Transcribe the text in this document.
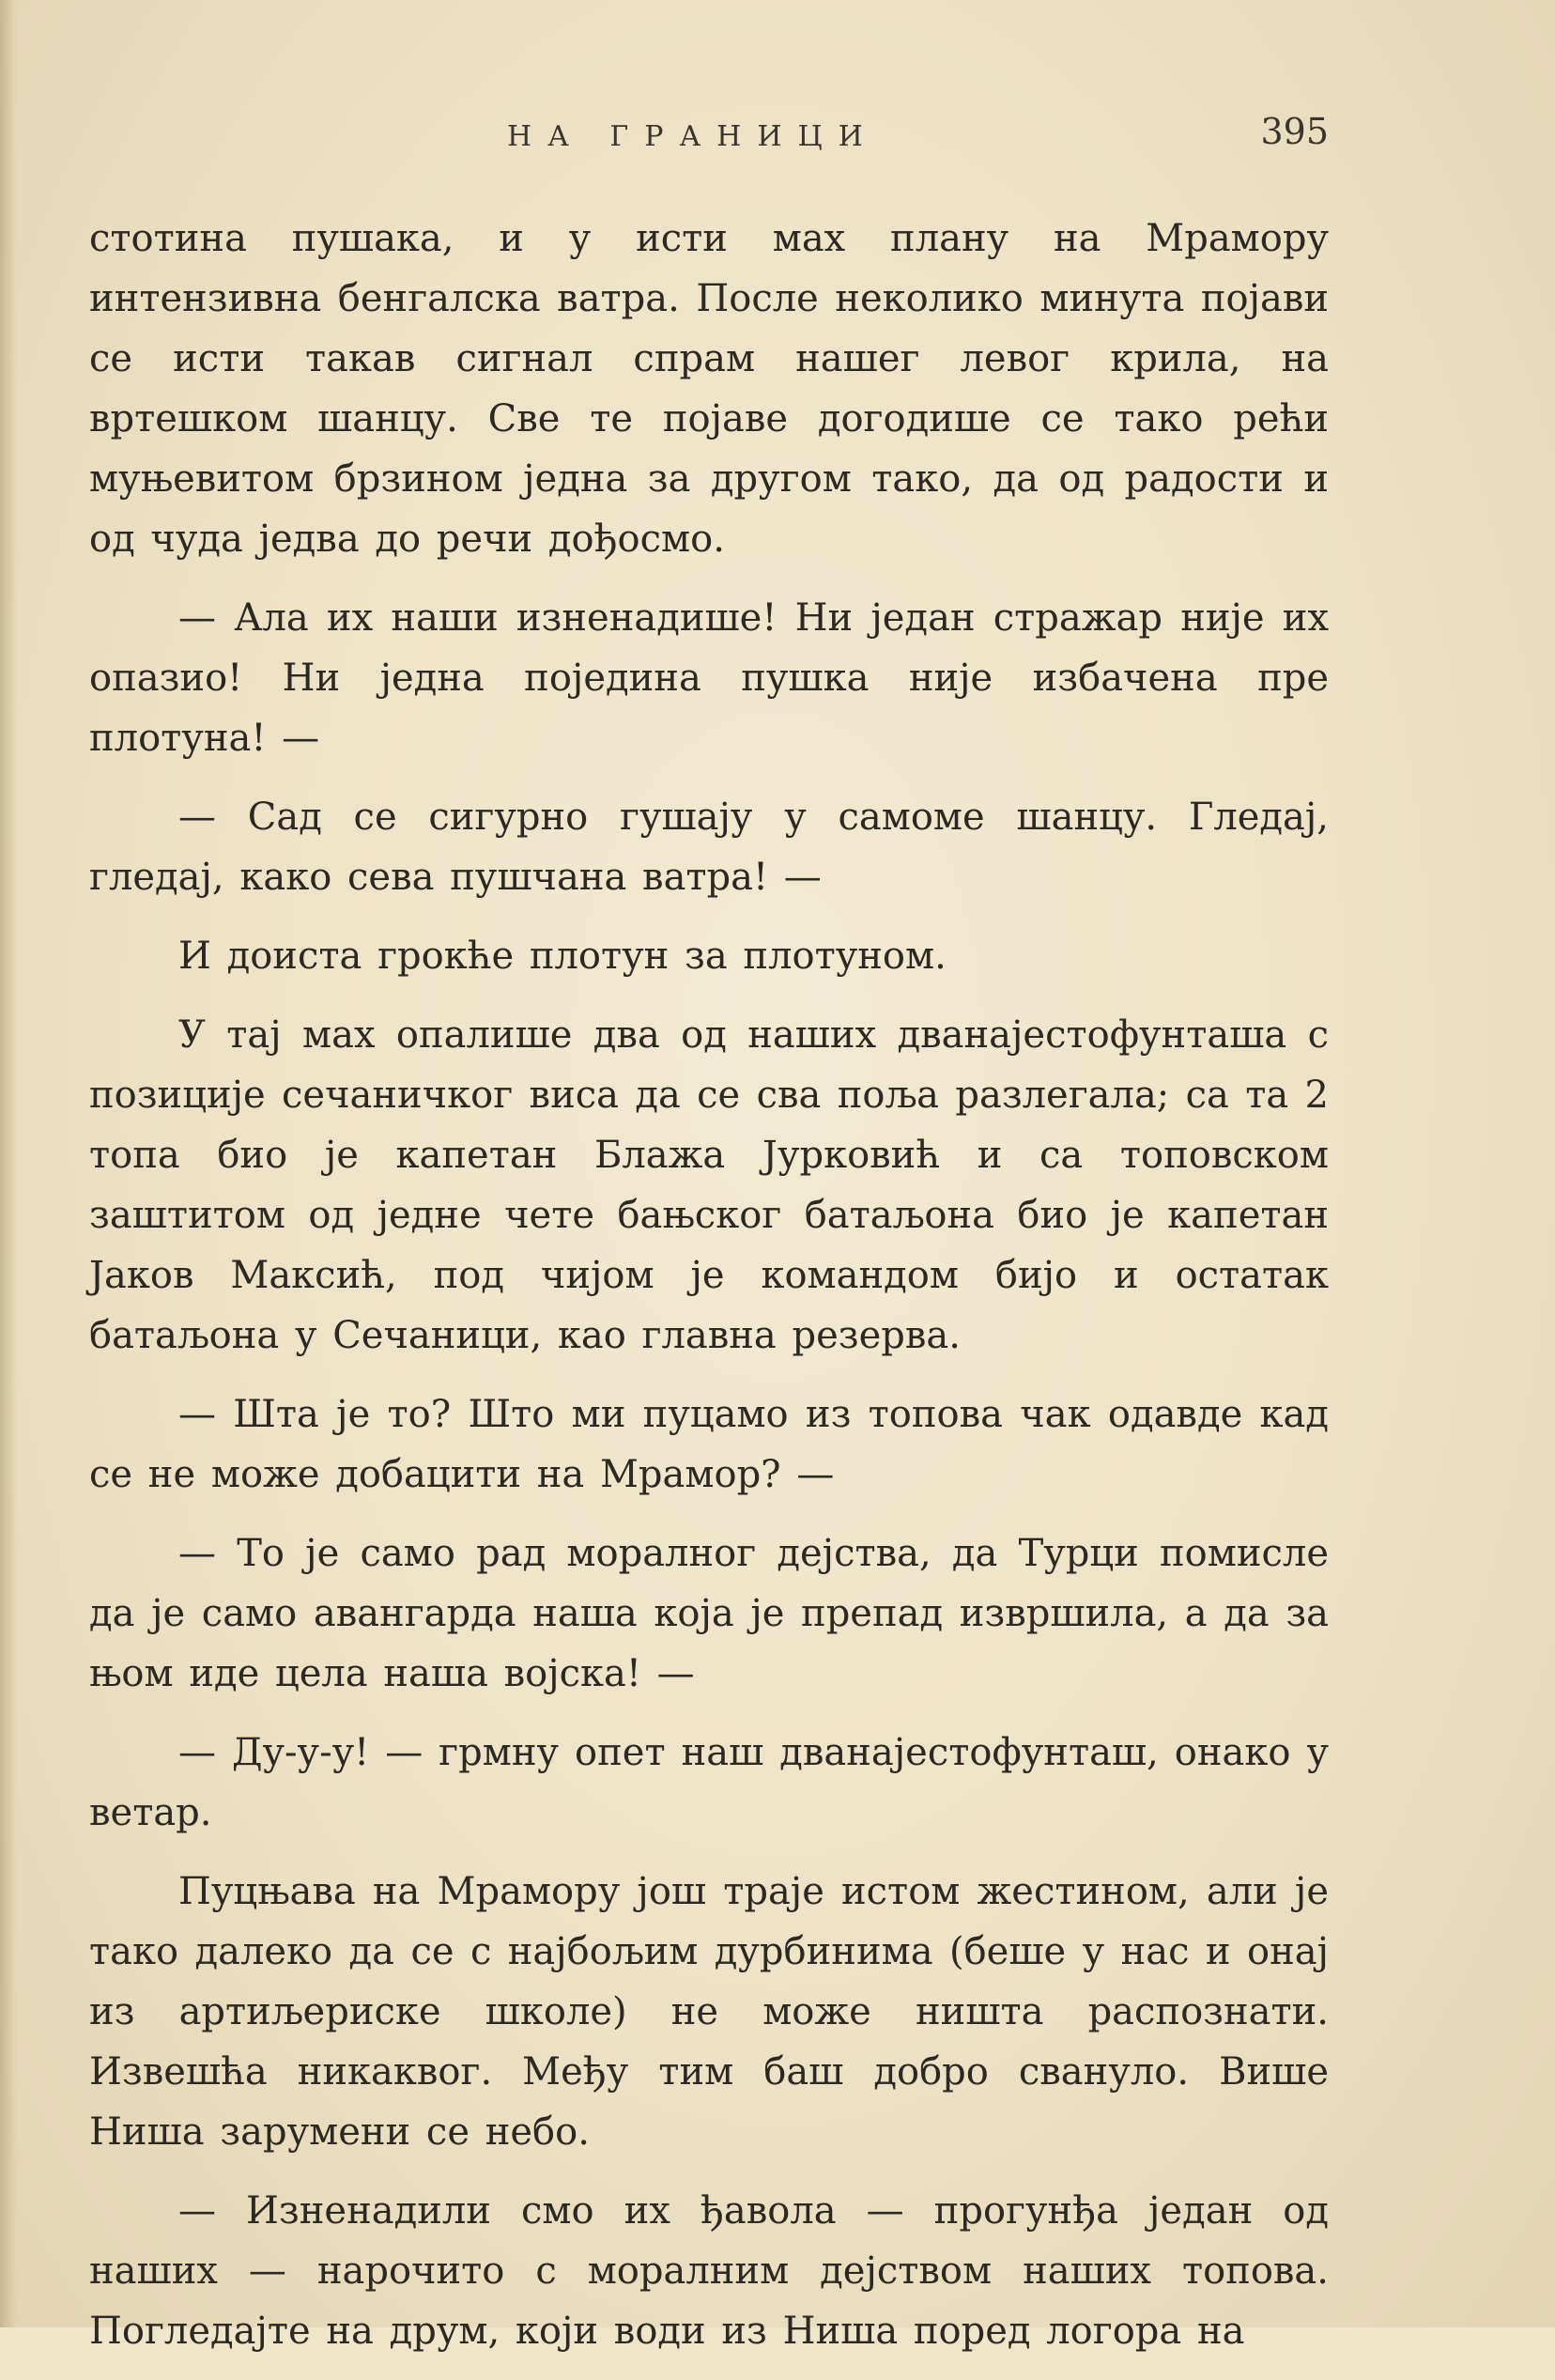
НА ГРАНИЦИ	395

стотина пушака, и у исти мах плану на Мрамору интензивна бенгалска ватра. После неколико минута појави се исти такав сигнал спрам нашег левог крила, на вртешком шанцу. Све те појаве догодише се тако рећи муњевитом брзином једна за другом тако, да од радости и од чуда једва до речи дођосмо.

— Ала их наши изненадише! Ни један стражар није их опазио! Ни једна поједина пушка није избачена пре плотуна! —

— Сад се сигурно гушају у самоме шанцу. Гледај, гледај, како сева пушчана ватра! —

И доиста грокће плотун за плотуном.

У тај мах опалише два од наших дванајестофунташа с позиције сечаничког виса да се сва поља разлегала; са та 2 топа био је капетан Блажа Јурковић и са топовском заштитом од једне чете бањског батаљона био је капетан Јаков Максић, под чијом је командом бијо и остатак батаљона у Сечаници, као главна резерва.

— Шта је то? Што ми пуцамо из топова чак одавде кад се не може добацити на Мрамор? —

— То је само рад моралног дејства, да Турци помисле да је само авангарда наша која је препад извршила, а да за њом иде цела наша војска! —

— Ду-у-у! — грмну опет наш дванајестофунташ, онако у ветар.

Пуцњава на Мрамору још траје истом жестином, али је тако далеко да се с најбољим дурбинима (беше у нас и онај из артиљериске школе) не може ништа распознати. Извешћа никаквог. Међу тим баш добро свануло. Више Ниша зарумени се небо.

— Изненадили смо их ђавола — прогунђа један од наших — нарочито с моралним дејством наших топова. Погледајте на друм, који води из Ниша поред логора на
